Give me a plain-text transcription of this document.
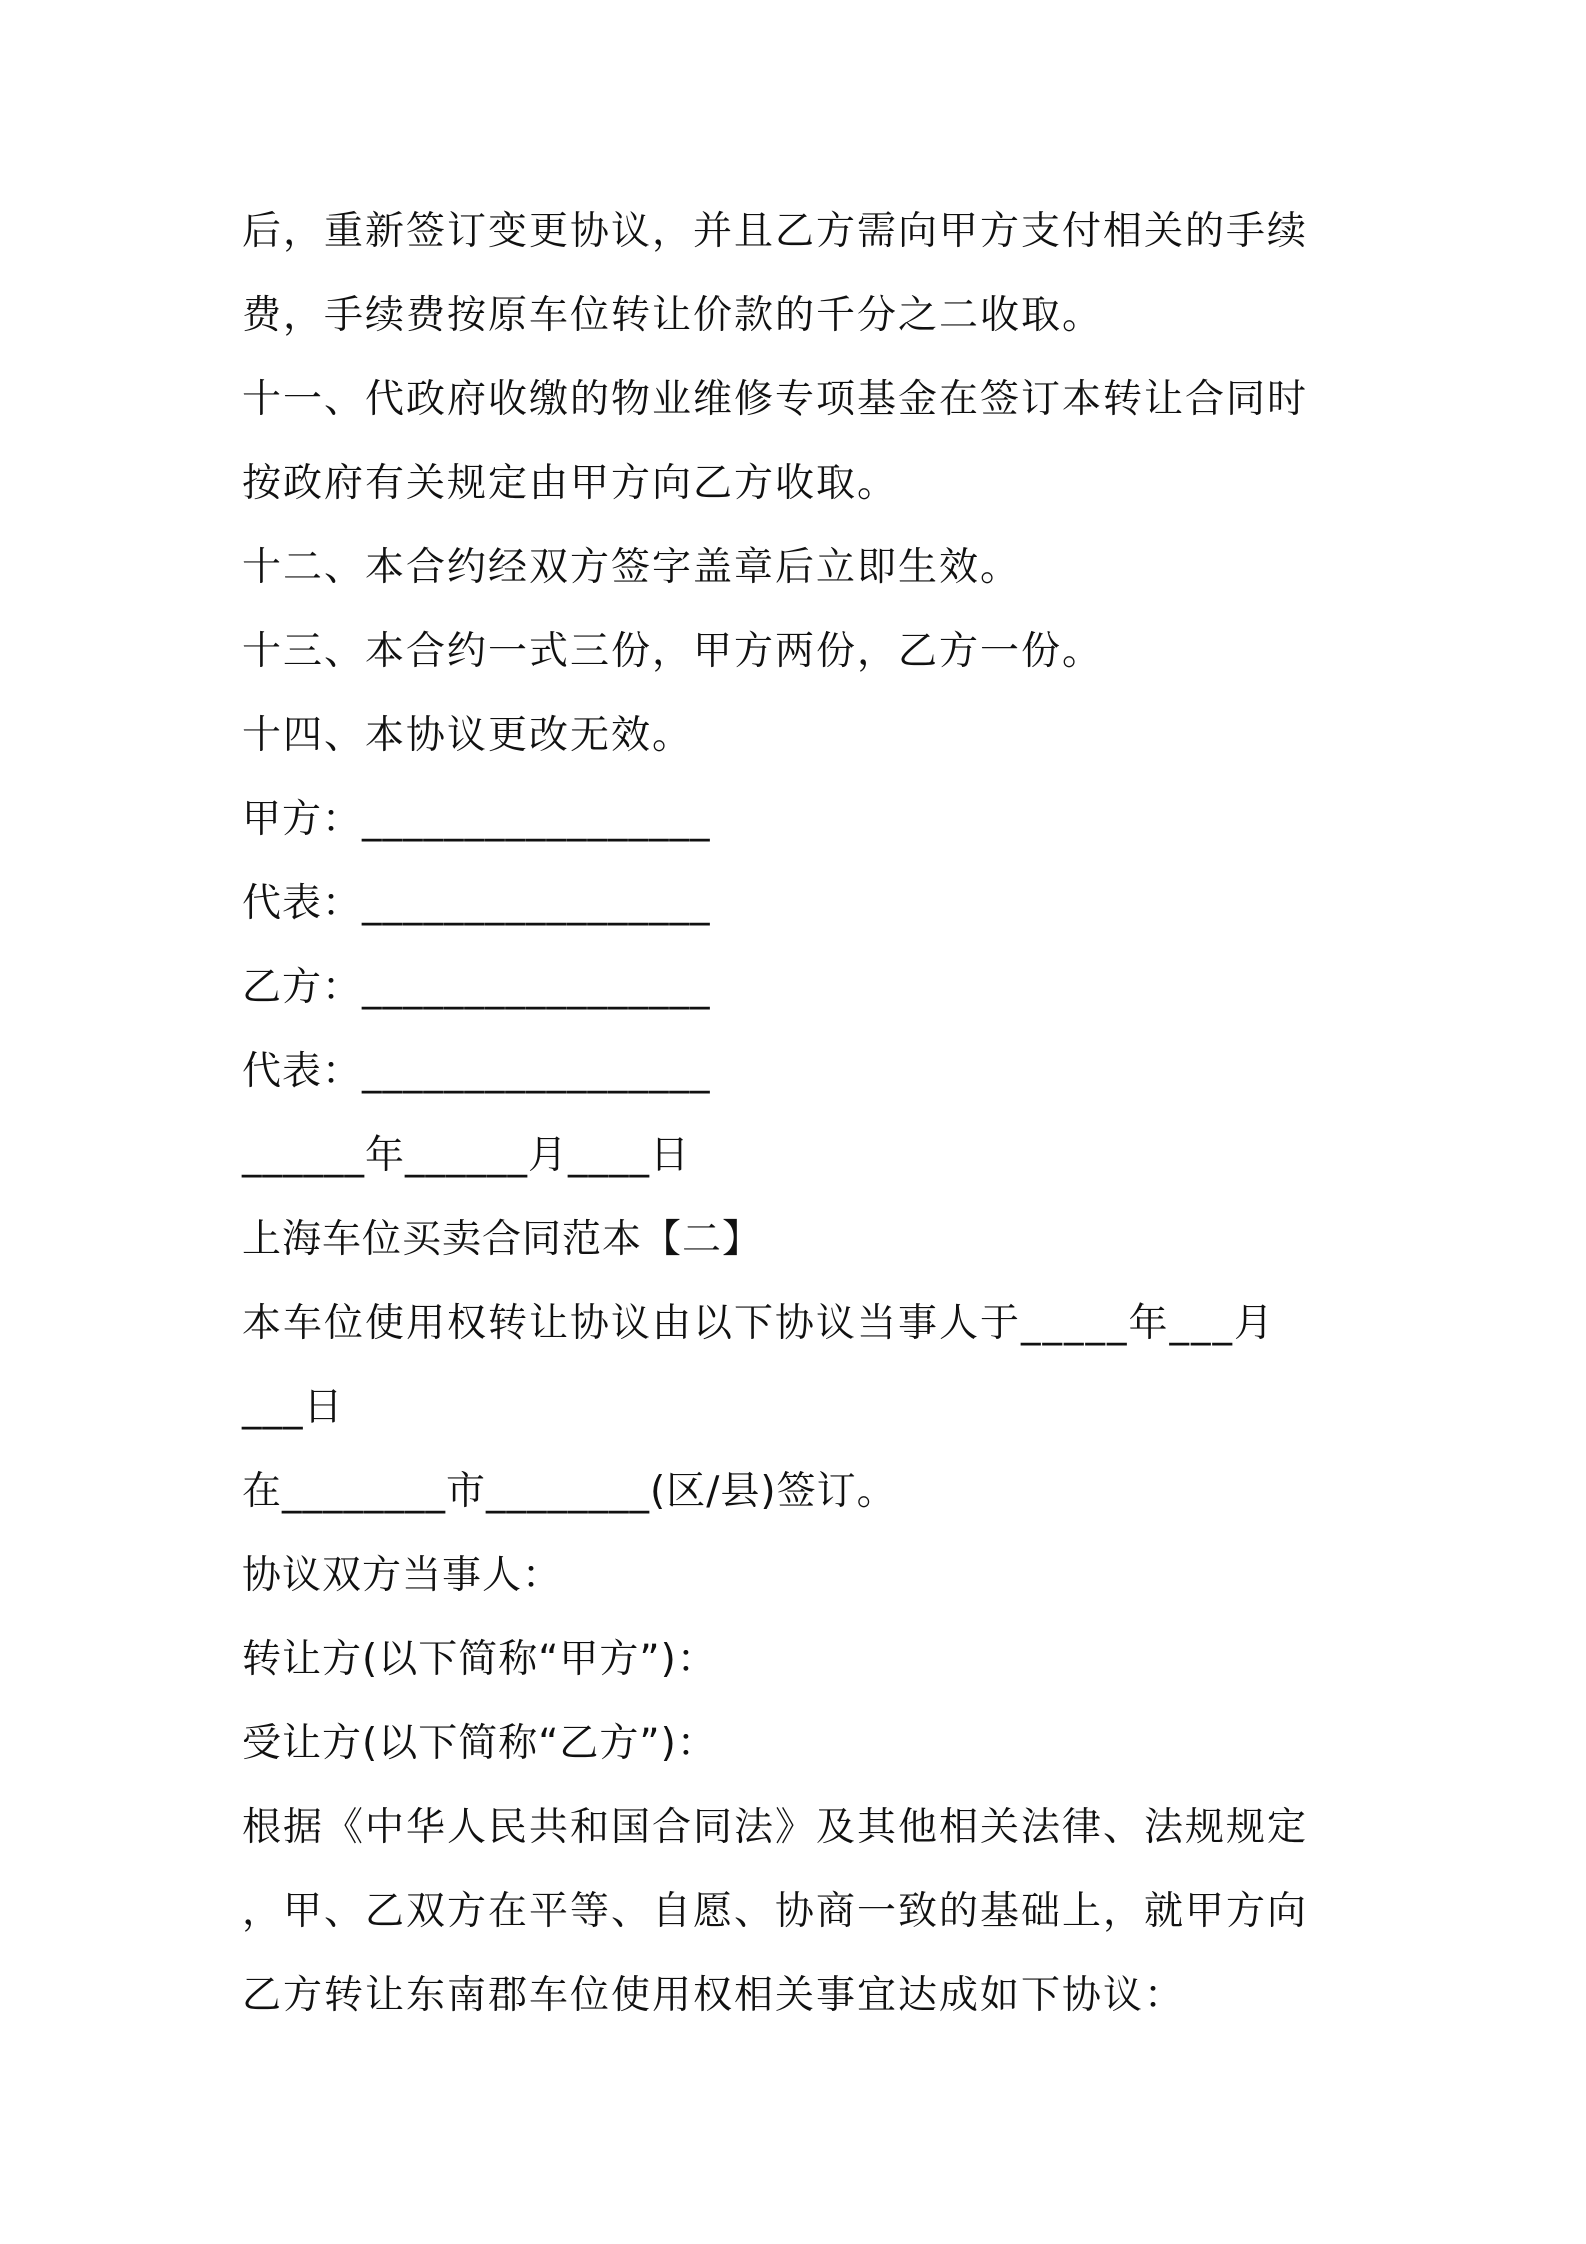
后，重新签订变更协议，并且乙方需向甲方支付相关的手续
费，手续费按原车位转让价款的千分之二收取。
十一、代政府收缴的物业维修专项基金在签订本转让合同时
按政府有关规定由甲方向乙方收取。
十二、本合约经双方签字盖章后立即生效。
十三、本合约一式三份，甲方两份，乙方一份。
十四、本协议更改无效。
甲方：_________________
代表：_________________
乙方：_________________
代表：_________________
______年______月____日
上海车位买卖合同范本【二】
本车位使用权转让协议由以下协议当事人于_____年___月
___日
在________市________(区/县)签订。
协议双方当事人：
转让方(以下简称“甲方”)：
受让方(以下简称“乙方”)：
根据《中华人民共和国合同法》及其他相关法律、法规规定
，甲、乙双方在平等、自愿、协商一致的基础上，就甲方向
乙方转让东南郡车位使用权相关事宜达成如下协议：
